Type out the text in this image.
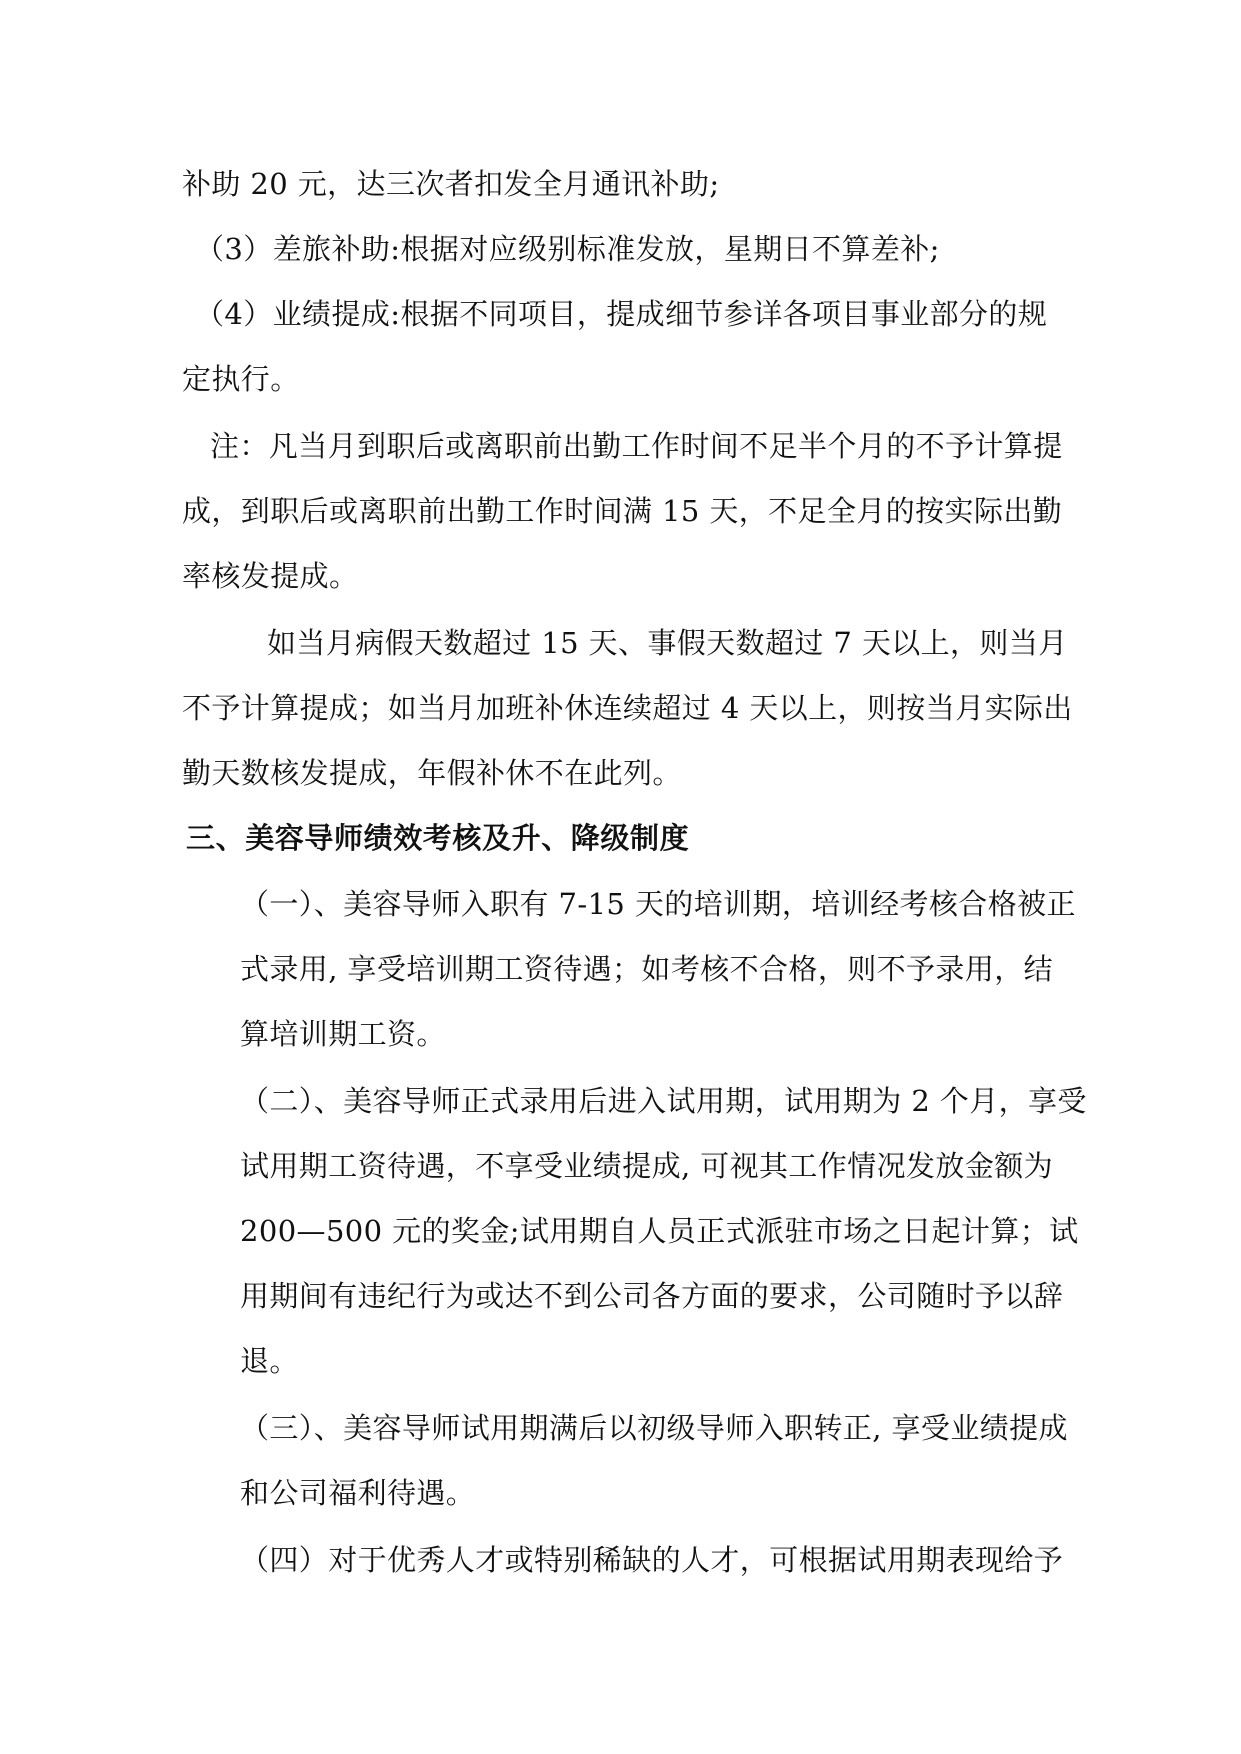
补助 20 元，达三次者扣发全月通讯补助;
（3）差旅补助:根据对应级别标准发放，星期日不算差补;
（4）业绩提成:根据不同项目，提成细节参详各项目事业部分的规
定执行。
注：凡当月到职后或离职前出勤工作时间不足半个月的不予计算提
成，到职后或离职前出勤工作时间满 15 天，不足全月的按实际出勤
率核发提成。
如当月病假天数超过 15 天、事假天数超过 7 天以上，则当月
不予计算提成；如当月加班补休连续超过 4 天以上，则按当月实际出
勤天数核发提成，年假补休不在此列。
三、美容导师绩效考核及升、降级制度
（一）、美容导师入职有 7-15 天的培训期，培训经考核合格被正
式录用, 享受培训期工资待遇；如考核不合格，则不予录用，结
算培训期工资。
（二）、美容导师正式录用后进入试用期，试用期为 2 个月，享受
试用期工资待遇，不享受业绩提成, 可视其工作情况发放金额为
200—500 元的奖金;试用期自人员正式派驻市场之日起计算；试
用期间有违纪行为或达不到公司各方面的要求，公司随时予以辞
退。
（三）、美容导师试用期满后以初级导师入职转正, 享受业绩提成
和公司福利待遇。
（四）对于优秀人才或特别稀缺的人才，可根据试用期表现给予
